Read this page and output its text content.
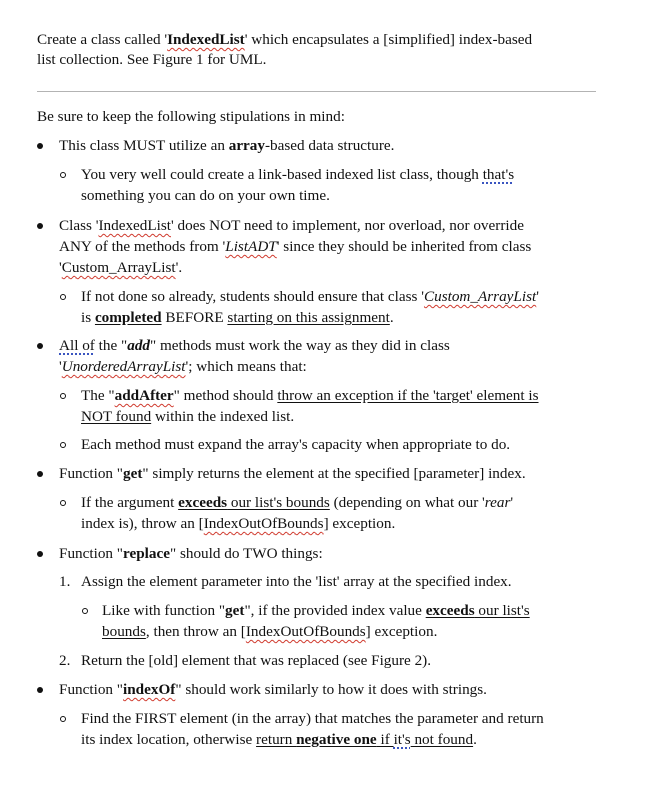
Create a class called 'IndexedList' which encapsulates a [simplified] index-based
list collection. See Figure 1 for UML.
Be sure to keep the following stipulations in mind:
This class MUST utilize an array-based data structure.
You very well could create a link-based indexed list class, though that's
something you can do on your own time.
Class 'IndexedList' does NOT need to implement, nor overload, nor override
ANY of the methods from 'ListADT' since they should be inherited from class
'Custom_ArrayList'.
If not done so already, students should ensure that class 'Custom_ArrayList'
is completed BEFORE starting on this assignment.
All of the "add" methods must work the way as they did in class
'UnorderedArrayList'; which means that:
The "addAfter" method should throw an exception if the 'target' element is
NOT found within the indexed list.
Each method must expand the array's capacity when appropriate to do.
Function "get" simply returns the element at the specified [parameter] index.
If the argument exceeds our list's bounds (depending on what our 'rear'
index is), throw an [IndexOutOfBounds] exception.
Function "replace" should do TWO things:
1. Assign the element parameter into the 'list' array at the specified index.
Like with function "get", if the provided index value exceeds our list's
bounds, then throw an [IndexOutOfBounds] exception.
2. Return the [old] element that was replaced (see Figure 2).
Function "indexOf" should work similarly to how it does with strings.
Find the FIRST element (in the array) that matches the parameter and return
its index location, otherwise return negative one if it's not found.
